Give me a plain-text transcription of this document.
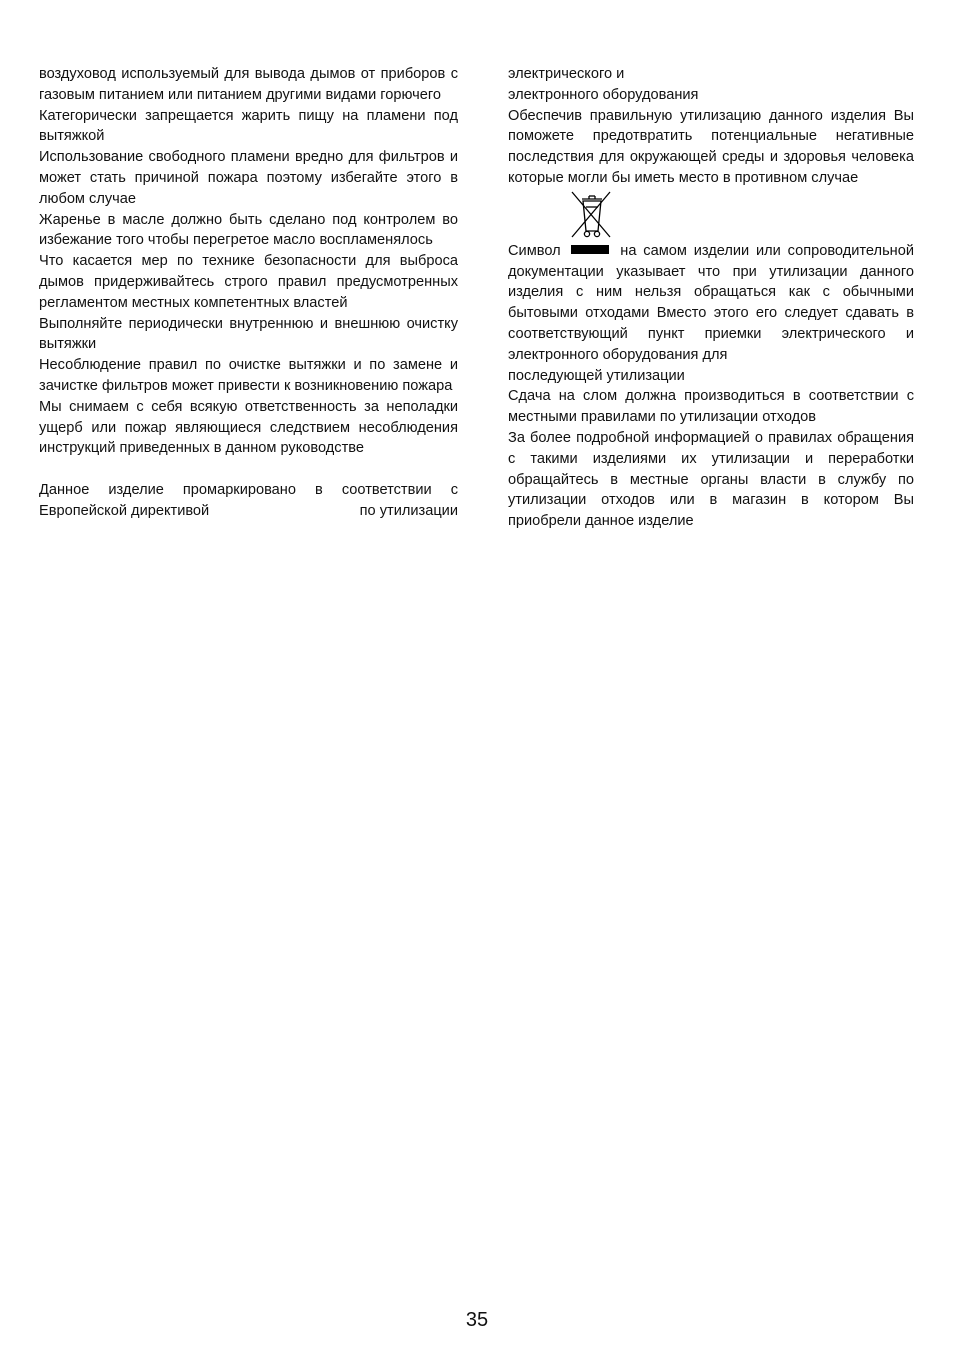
воздуховод используемый для вывода дымов от приборов с газовым питанием или питанием другими видами горючего

Категорически запрещается жарить пищу на пламени под вытяжкой

Использование свободного пламени вредно для фильтров и может стать причиной пожара поэтому избегайте этого в любом случае

Жаренье в масле должно быть сделано под контролем во избежание того чтобы перегретое масло воспламенялось

Что касается мер по технике безопасности для выброса дымов придерживайтесь строго правил предусмотренных регламентом местных компетентных властей

Выполняйте периодически внутреннюю и внешнюю очистку вытяжки

Несоблюдение правил по очистке вытяжки и по замене и зачистке фильтров может привести к возникновению пожара

Мы снимаем с себя всякую ответственность за неполадки ущерб или пожар являющиеся следствием несоблюдения инструкций приведенных в данном руководстве

Данное изделие промаркировано в соответствии с

Европейской директивой	по утилизации

электрического и

электронного оборудования

Обеспечив правильную утилизацию данного изделия Вы поможете предотвратить потенциальные негативные последствия для окружающей среды и здоровья человека которые могли бы иметь место в противном случае

Символ	на самом изделии или сопроводительной документации указывает что при утилизации данного изделия с ним нельзя обращаться как с обычными бытовыми отходами Вместо этого его следует сдавать в соответствующий пункт приемки электрического и электронного оборудования для

последующей утилизации

Сдача на слом должна производиться в соответствии с местными правилами по утилизации отходов

За более подробной информацией о правилах обращения с такими изделиями их утилизации и переработки обращайтесь в местные органы власти в службу по утилизации отходов или в магазин в котором Вы приобрели данное изделие

35
